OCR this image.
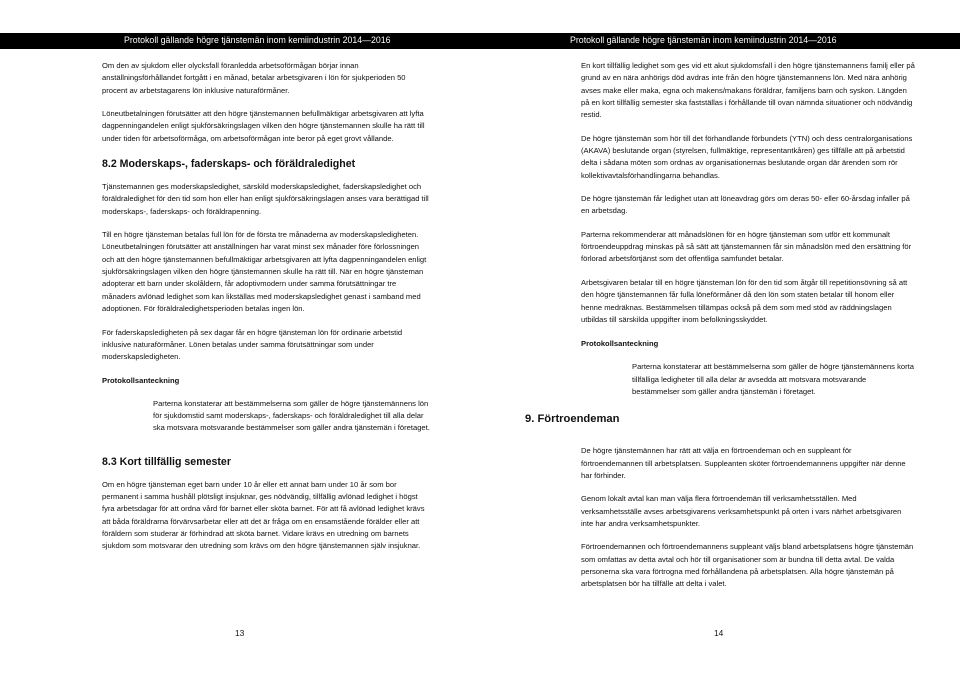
Protokoll gällande högre tjänstemän inom kemiindustrin 2014—2016

Om den av sjukdom eller olycksfall föranledda arbetsoförmågan börjar innan anställningsförhållandet fortgått i en månad, betalar arbetsgivaren i lön för sjukperioden 50 procent av arbetstagarens lön inklusive naturaförmåner.

Löneutbetalningen förutsätter att den högre tjänstemannen befullmäktigar arbetsgivaren att lyfta dagpenningandelen enligt sjukförsäkringslagen vilken den högre tjänstemannen skulle ha rätt till under tiden för arbetsoförmåga, om arbetsoförmågan inte beror på eget grovt vållande.

8.2 Moderskaps-, faderskaps- och föräldraledighet

Tjänstemannen ges moderskapsledighet, särskild moderskapsledighet, faderskapsledighet och föräldraledighet för den tid som hon eller han enligt sjukförsäkringslagen anses vara berättigad till moderskaps-, faderskaps- och föräldrapenning.

Till en högre tjänsteman betalas full lön för de första tre månaderna av moderskapsledigheten. Löneutbetalningen förutsätter att anställningen har varat minst sex månader före förlossningen och att den högre tjänstemannen befullmäktigar arbetsgivaren att lyfta dagpenningandelen enligt sjukförsäkringslagen vilken den högre tjänstemannen skulle ha rätt till. När en högre tjänsteman adopterar ett barn under skolåldern, får adoptivmodern under samma förutsättningar tre månaders avlönad ledighet som kan likställas med moderskapsledighet genast i samband med adoptionen. För föräldraledighetsperioden betalas ingen lön.

För faderskapsledigheten på sex dagar får en högre tjänsteman lön för ordinarie arbetstid inklusive naturaförmåner. Lönen betalas under samma förutsättningar som under moderskapsledigheten.

Protokollsanteckning

Parterna konstaterar att bestämmelserna som gäller de högre tjänstemännens lön för sjukdomstid samt moderskaps-, faderskaps- och föräldraledighet till alla delar ska motsvara motsvarande bestämmelser som gäller andra tjänstemän i företaget.

8.3 Kort tillfällig semester

Om en högre tjänsteman eget barn under 10 år eller ett annat barn under 10 år som bor permanent i samma hushåll plötsligt insjuknar, ges nödvändig, tillfällig avlönad ledighet i högst fyra arbetsdagar för att ordna vård för barnet eller sköta barnet. För att få avlönad ledighet krävs att båda föräldrarna förvärvsarbetar eller att det är fråga om en ensamstående förälder eller att föräldern som studerar är förhindrad att sköta barnet. Vidare krävs en utredning om barnets sjukdom som motsvarar den utredning som krävs om den högre tjänstemannen själv insjuknar.

13
Protokoll gällande högre tjänstemän inom kemiindustrin 2014—2016

En kort tillfällig ledighet som ges vid ett akut sjukdomsfall i den högre tjänstemannens familj eller på grund av en nära anhörigs död avdras inte från den högre tjänstemannens lön. Med nära anhörig avses make eller maka, egna och makens/makans föräldrar, familjens barn och syskon. Längden på en kort tillfällig semester ska fastställas i förhållande till ovan nämnda situationer och nödvändig restid.

De högre tjänstemän som hör till det förhandlande förbundets (YTN) och dess centralorganisations (AKAVA) beslutande organ (styrelsen, fullmäktige, representantkåren) ges tillfälle att på arbetstid delta i sådana möten som ordnas av organisationernas beslutande organ där ärenden som rör kollektivavtalsförhandlingarna behandlas.

De högre tjänstemän får ledighet utan att löneavdrag görs om deras 50- eller 60-årsdag infaller på en arbetsdag.

Parterna rekommenderar att månadslönen för en högre tjänsteman som utför ett kommunalt förtroendeuppdrag minskas på så sätt att tjänstemannen får sin månadslön med den ersättning för förlorad arbetsförtjänst som det offentliga samfundet betalar.

Arbetsgivaren betalar till en högre tjänsteman lön för den tid som åtgår till repetitionsövning så att den högre tjänstemannen får fulla löneförmåner då den lön som staten betalar till honom eller henne medräknas. Bestämmelsen tillämpas också på dem som med stöd av räddningslagen utbildas till särskilda uppgifter inom befolkningsskyddet.

Protokollsanteckning

Parterna konstaterar att bestämmelserna som gäller de högre tjänstemännens korta tillfälliga ledigheter till alla delar är avsedda att motsvara motsvarande bestämmelser som gäller andra tjänstemän i företaget.

9. Förtroendeman

De högre tjänstemännen har rätt att välja en förtroendeman och en suppleant för förtroendemannen till arbetsplatsen. Suppleanten sköter förtroendemannens uppgifter när denne har förhinder.

Genom lokalt avtal kan man välja flera förtroendemän till verksamhetsställen. Med verksamhetsställe avses arbetsgivarens verksamhetspunkt på orten i vars närhet arbetsgivaren inte har andra verksamhetspunkter.

Förtroendemannen och förtroendemannens suppleant väljs bland arbetsplatsens högre tjänstemän som omfattas av detta avtal och hör till organisationer som är bundna till detta avtal. De valda personerna ska vara förtrogna med förhållandena på arbetsplatsen. Alla högre tjänstemän på arbetsplatsen bör ha tillfälle att delta i valet.

14
